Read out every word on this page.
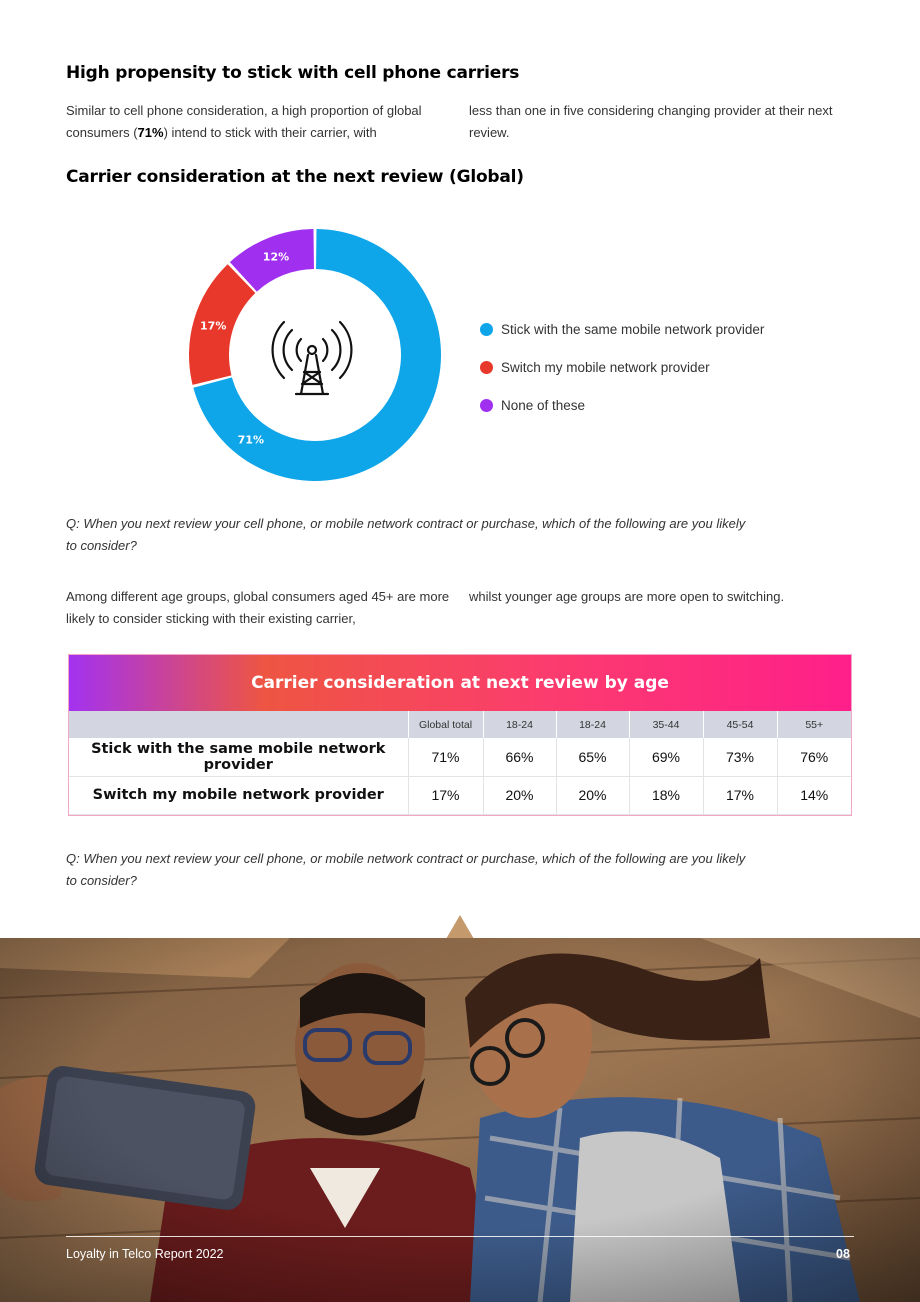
High propensity to stick with cell phone carriers
Similar to cell phone consideration, a high proportion of global consumers (71%) intend to stick with their carrier, with
less than one in five considering changing provider at their next review.
Carrier consideration at the next review (Global)
71%
17%
12%
Stick with the same mobile network provider
Switch my mobile network provider
None of these
Q: When you next review your cell phone, or mobile network contract or purchase, which of the following are you likely to consider?
Among different age groups, global consumers aged 45+ are more likely to consider sticking with their existing carrier,
whilst younger age groups are more open to switching.
Carrier consideration at next review by age
	Global total	18-24	18-24	35-44	45-54	55+
Stick with the same mobile network provider	71%	66%	65%	69%	73%	76%
Switch my mobile network provider	17%	20%	20%	18%	17%	14%
Q: When you next review your cell phone, or mobile network contract or purchase, which of the following are you likely to consider?
Loyalty in Telco Report 2022	08
